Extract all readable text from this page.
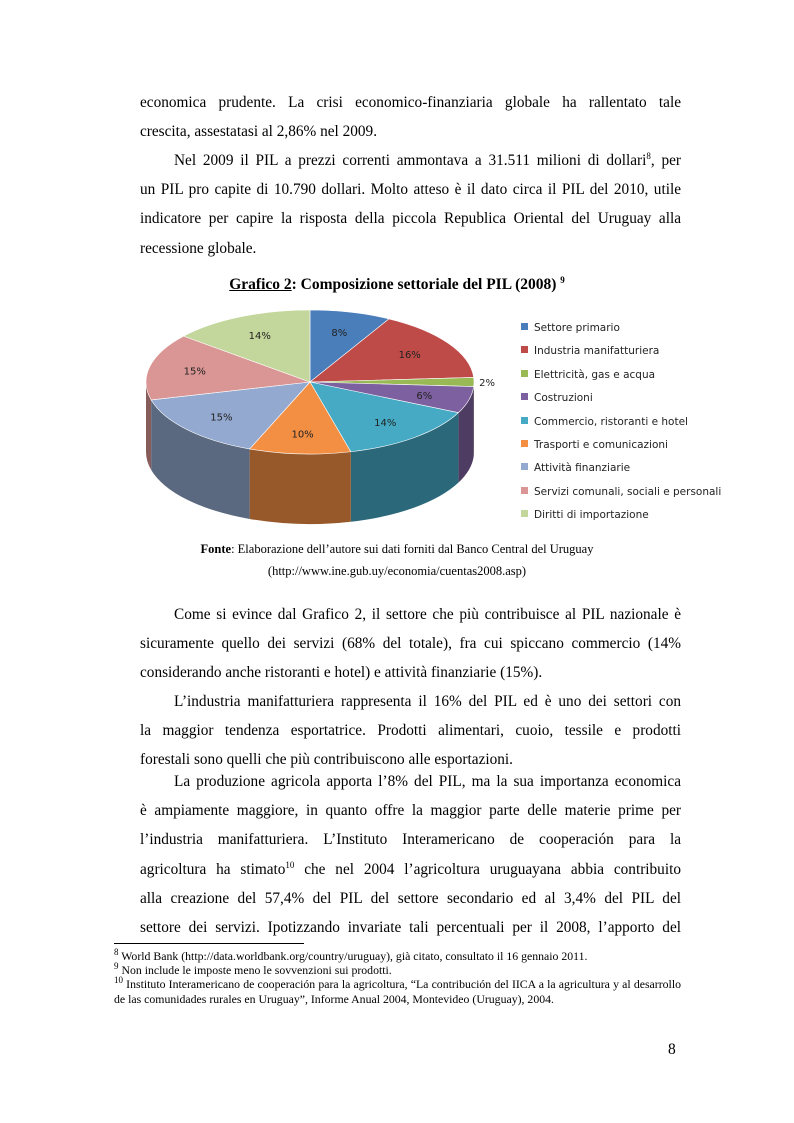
economica prudente. La crisi economico-finanziaria globale ha rallentato tale
crescita, assestatasi al 2,86% nel 2009.
Nel 2009 il PIL a prezzi correnti ammontava a 31.511 milioni di dollari$^8$, per
un PIL pro capite di 10.790 dollari. Molto atteso è il dato circa il PIL del 2010, utile
indicatore per capire la risposta della piccola Republica Oriental del Uruguay alla
recessione globale.
Grafico 2: Composizione settoriale del PIL (2008) $^9$
8%
16%
2%
6%
14%
10%
15%
15%
14%
Settore primario
Industria manifatturiera
Elettricità, gas e acqua
Costruzioni
Commercio, ristoranti e hotel
Trasporti e comunicazioni
Attività finanziarie
Servizi comunali, sociali e personali
Diritti di importazione
Fonte: Elaborazione dell’autore sui dati forniti dal Banco Central del Uruguay
(http://www.ine.gub.uy/economia/cuentas2008.asp)
Come si evince dal Grafico 2, il settore che più contribuisce al PIL nazionale è
sicuramente quello dei servizi (68% del totale), fra cui spiccano commercio (14%
considerando anche ristoranti e hotel) e attività finanziarie (15%).
L’industria manifatturiera rappresenta il 16% del PIL ed è uno dei settori con
la maggior tendenza esportatrice. Prodotti alimentari, cuoio, tessile e prodotti
forestali sono quelli che più contribuiscono alle esportazioni.
La produzione agricola apporta l’8% del PIL, ma la sua importanza economica
è ampiamente maggiore, in quanto offre la maggior parte delle materie prime per
l’industria manifatturiera. L’Instituto Interamericano de cooperación para la
agricoltura ha stimato$^{10}$ che nel 2004 l’agricoltura uruguayana abbia contribuito
alla creazione del 57,4% del PIL del settore secondario ed al 3,4% del PIL del
settore dei servizi. Ipotizzando invariate tali percentuali per il 2008, l’apporto del

$^8$ World Bank (http://data.worldbank.org/country/uruguay), già citato, consultato il 16 gennaio 2011.

$^9$ Non include le imposte meno le sovvenzioni sui prodotti.

$^{10}$ Instituto Interamericano de cooperación para la agricoltura, “La contribución del IICA a la agricultura y al desarrollo de las comunidades rurales en Uruguay”, Informe Anual 2004, Montevideo (Uruguay), 2004.

8
